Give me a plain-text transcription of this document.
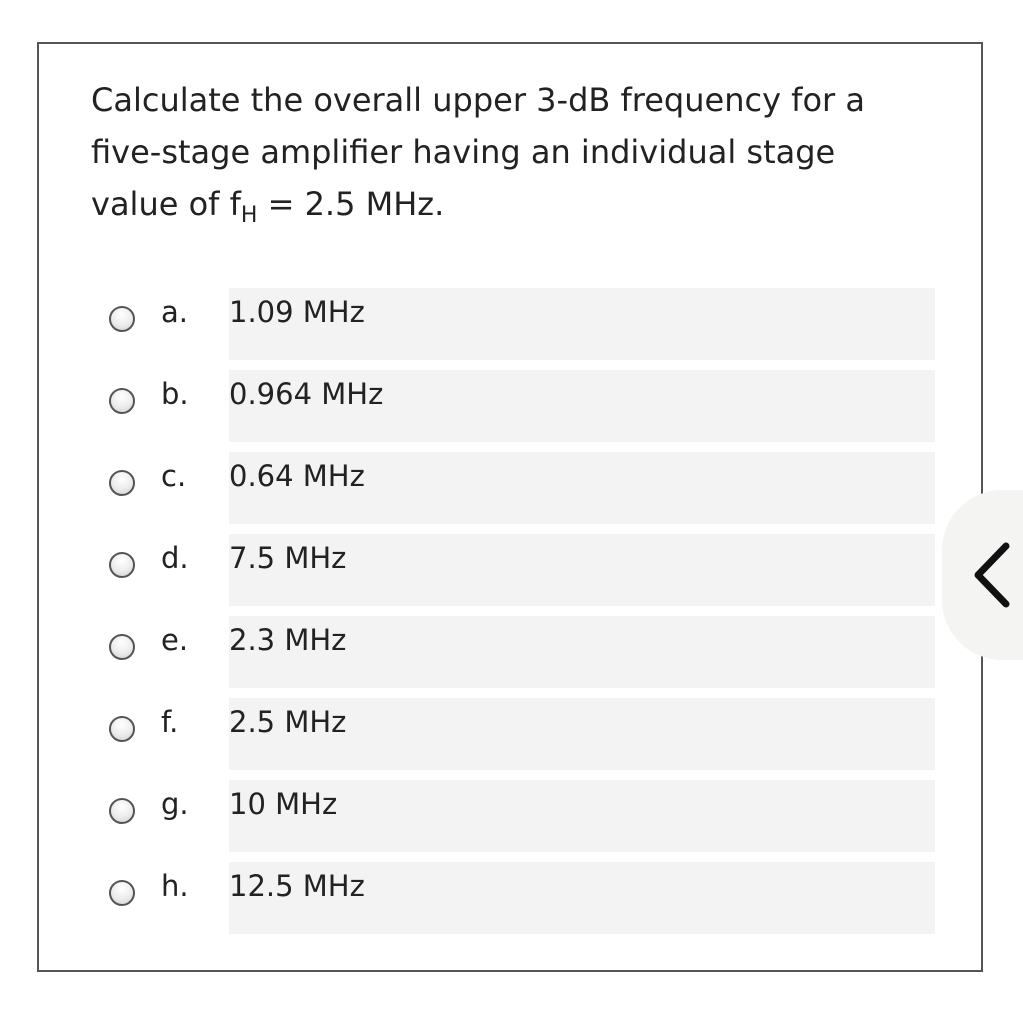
Calculate the overall upper 3-dB frequency for a five-stage amplifier having an individual stage value of $f_H = 2.5$ MHz.

a. 1.09 MHz
b. 0.964 MHz
c. 0.64 MHz
d. 7.5 MHz
e. 2.3 MHz
f. 2.5 MHz
g. 10 MHz
h. 12.5 MHz
